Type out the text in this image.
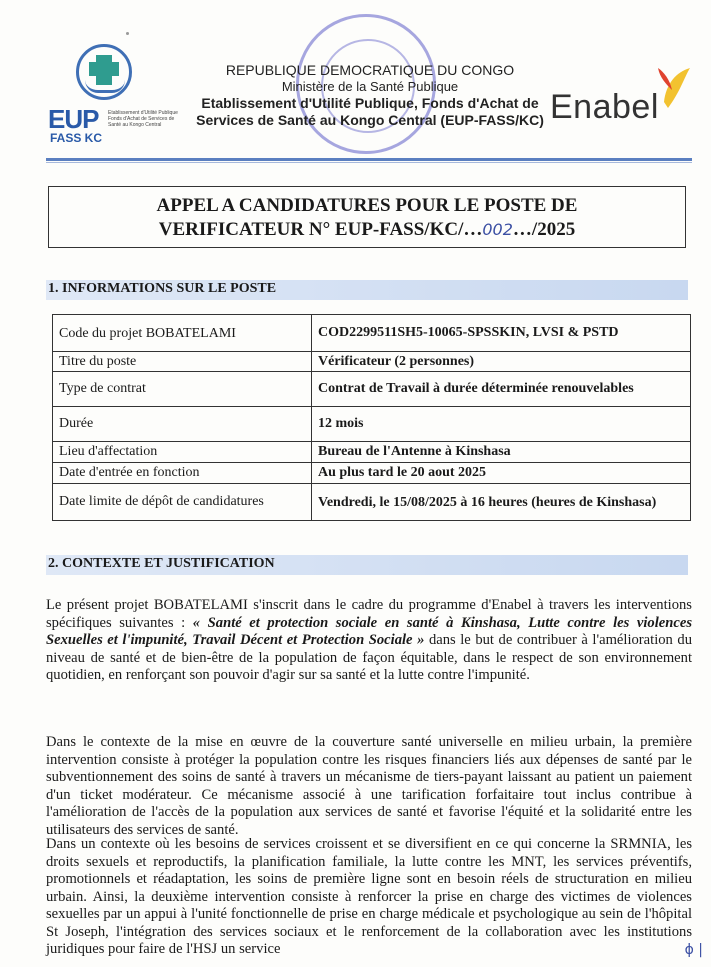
EUP
FASS KC
Etablissement d'Utilité Publique Fonds d'Achat de Services de Santé au Kongo Central
REPUBLIQUE DEMOCRATIQUE DU CONGO
Ministère de la Santé Publique
Etablissement d'Utilité Publique, Fonds d'Achat de
Services de Santé au Kongo Central (EUP-FASS/KC) Enabel
APPEL A CANDIDATURES POUR LE POSTE DE
VERIFICATEUR N° EUP-FASS/KC/…002…/2025
1. INFORMATIONS SUR LE POSTE
Code du projet BOBATELAMI	COD2299511SH5-10065-SPSSKIN, LVSI & PSTD
Titre du poste	Vérificateur (2 personnes)
Type de contrat	Contrat de Travail à durée déterminée renouvelables
Durée	12 mois
Lieu d'affectation	Bureau de l'Antenne à Kinshasa
Date d'entrée en fonction	Au plus tard le 20 aout 2025
Date limite de dépôt de candidatures	Vendredi, le 15/08/2025 à 16 heures (heures de Kinshasa)
2. CONTEXTE ET JUSTIFICATION
Le présent projet BOBATELAMI s'inscrit dans le cadre du programme d'Enabel à travers les interventions spécifiques suivantes : « Santé et protection sociale en santé à Kinshasa, Lutte contre les violences Sexuelles et l'impunité, Travail Décent et Protection Sociale » dans le but de contribuer à l'amélioration du niveau de santé et de bien-être de la population de façon équitable, dans le respect de son environnement quotidien, en renforçant son pouvoir d'agir sur sa santé et la lutte contre l'impunité.
Dans le contexte de la mise en œuvre de la couverture santé universelle en milieu urbain, la première intervention consiste à protéger la population contre les risques financiers liés aux dépenses de santé par le subventionnement des soins de santé à travers un mécanisme de tiers-payant laissant au patient un paiement d'un ticket modérateur. Ce mécanisme associé à une tarification forfaitaire tout inclus contribue à l'amélioration de l'accès de la population aux services de santé et favorise l'équité et la solidarité entre les utilisateurs des services de santé.
Dans un contexte où les besoins de services croissent et se diversifient en ce qui concerne la SRMNIA, les droits sexuels et reproductifs, la planification familiale, la lutte contre les MNT, les services préventifs, promotionnels et réadaptation, les soins de première ligne sont en besoin réels de structuration en milieu urbain. Ainsi, la deuxième intervention consiste à renforcer la prise en charge des victimes de violences sexuelles par un appui à l'unité fonctionnelle de prise en charge médicale et psychologique au sein de l'hôpital St Joseph, l'intégration des services sociaux et le renforcement de la collaboration avec les institutions juridiques pour faire de l'HSJ un service	ϕ |
